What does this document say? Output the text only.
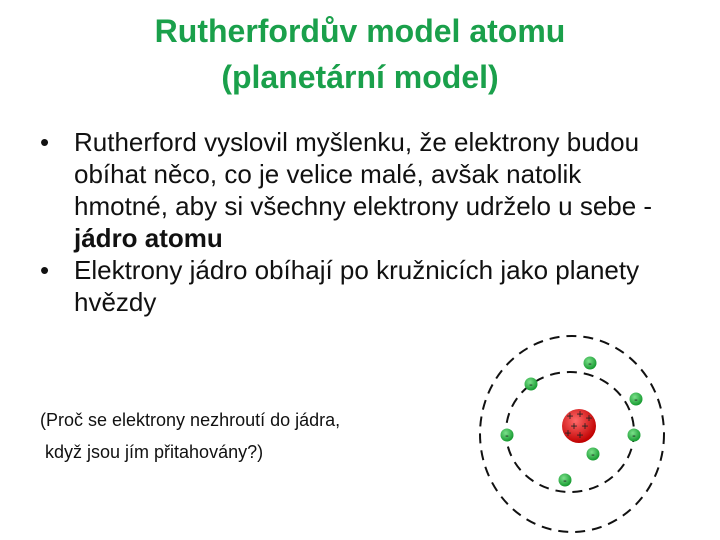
Rutherfordův model atomu
(planetární model)
• Rutherford vyslovil myšlenku, že elektrony budou obíhat něco, co je velice malé, avšak natolik hmotné, aby si všechny elektrony udrželo u sebe - jádro atomu
• Elektrony jádro obíhají po kružnicích jako planety hvězdy
(Proč se elektrony nezhroutí do jádra,
když jsou jím přitahovány?)
+ + +
+ +
+ +
-
-
-
-	-
-
-
